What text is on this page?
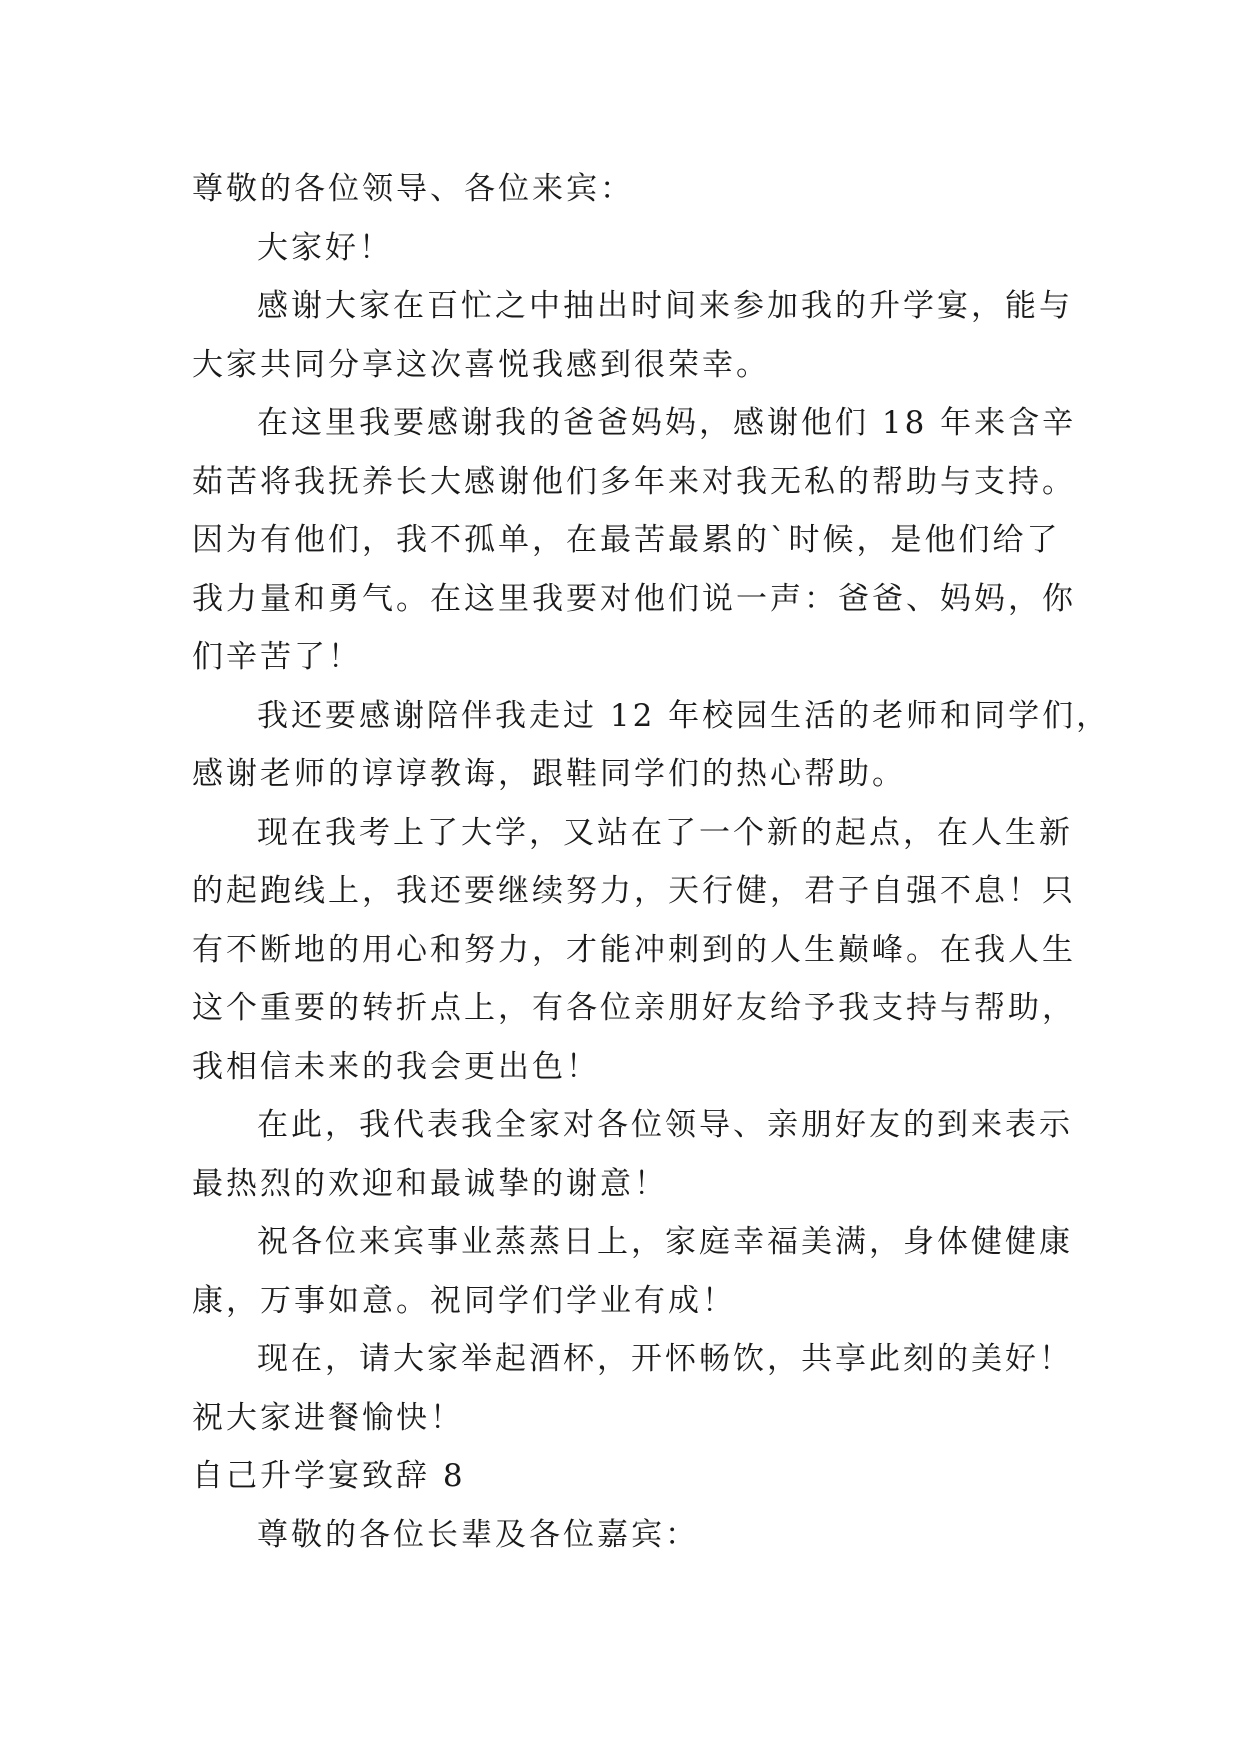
尊敬的各位领导、各位来宾：
大家好！
感谢大家在百忙之中抽出时间来参加我的升学宴，能与
大家共同分享这次喜悦我感到很荣幸。
在这里我要感谢我的爸爸妈妈，感谢他们 18 年来含辛
茹苦将我抚养长大感谢他们多年来对我无私的帮助与支持。
因为有他们，我不孤单，在最苦最累的`时候，是他们给了
我力量和勇气。在这里我要对他们说一声：爸爸、妈妈，你
们辛苦了！
我还要感谢陪伴我走过 12 年校园生活的老师和同学们，
感谢老师的谆谆教诲，跟鞋同学们的热心帮助。
现在我考上了大学，又站在了一个新的起点，在人生新
的起跑线上，我还要继续努力，天行健，君子自强不息！只
有不断地的用心和努力，才能冲刺到的人生巅峰。在我人生
这个重要的转折点上，有各位亲朋好友给予我支持与帮助，
我相信未来的我会更出色！
在此，我代表我全家对各位领导、亲朋好友的到来表示
最热烈的欢迎和最诚挚的谢意！
祝各位来宾事业蒸蒸日上，家庭幸福美满，身体健健康
康，万事如意。祝同学们学业有成！
现在，请大家举起酒杯，开怀畅饮，共享此刻的美好！
祝大家进餐愉快！
自己升学宴致辞 8
尊敬的各位长辈及各位嘉宾：
